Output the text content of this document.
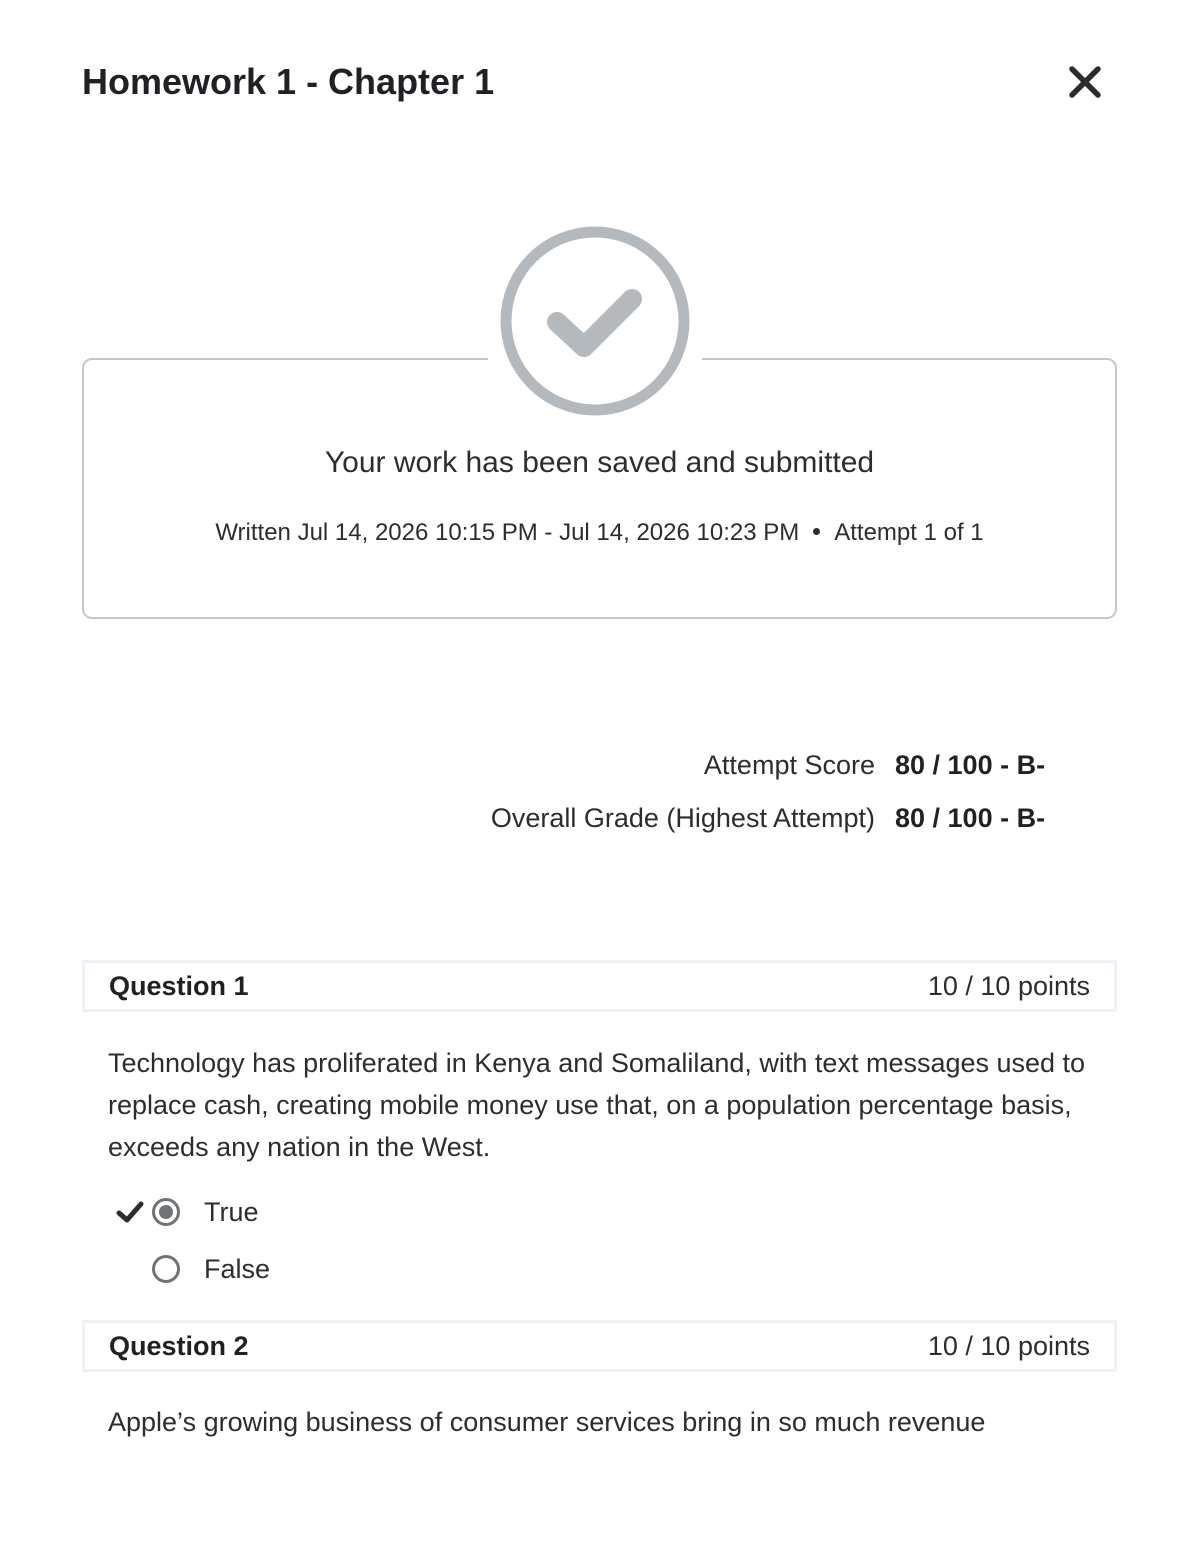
Homework 1 - Chapter 1
Your work has been saved and submitted
Written Jul 14, 2026 10:15 PM - Jul 14, 2026 10:23 PM Attempt 1 of 1
Attempt Score 80 / 100 - B-
Overall Grade (Highest Attempt) 80 / 100 - B-
Question 1	10 / 10 points

Technology has proliferated in Kenya and Somaliland, with text messages used to replace cash, creating mobile money use that, on a population percentage basis, exceeds any nation in the West.

True
False
Question 2	10 / 10 points

Apple’s growing business of consumer services bring in so much revenue
